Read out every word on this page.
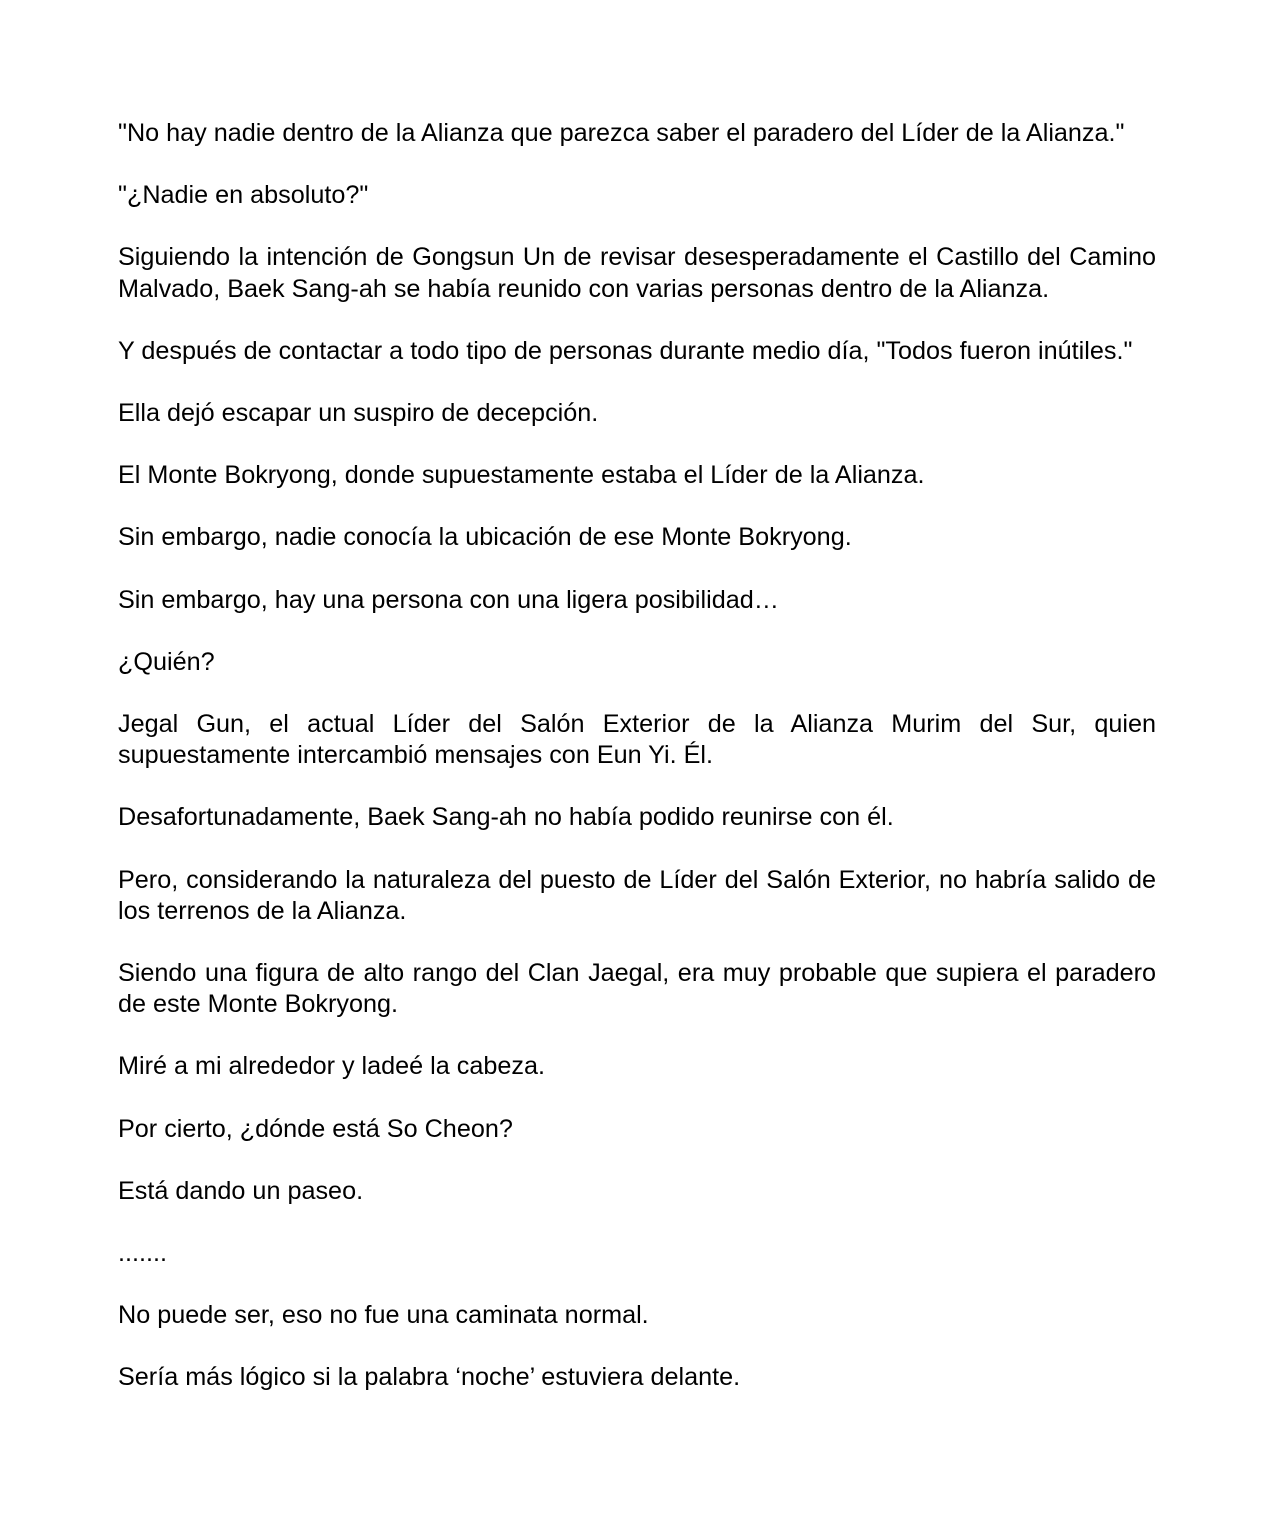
"No hay nadie dentro de la Alianza que parezca saber el paradero del Líder de la Alianza."

"¿Nadie en absoluto?"

Siguiendo la intención de Gongsun Un de revisar desesperadamente el Castillo del Camino Malvado, Baek Sang-ah se había reunido con varias personas dentro de la Alianza.

Y después de contactar a todo tipo de personas durante medio día, "Todos fueron inútiles."

Ella dejó escapar un suspiro de decepción.

El Monte Bokryong, donde supuestamente estaba el Líder de la Alianza.

Sin embargo, nadie conocía la ubicación de ese Monte Bokryong.

Sin embargo, hay una persona con una ligera posibilidad…

¿Quién?

Jegal Gun, el actual Líder del Salón Exterior de la Alianza Murim del Sur, quien supuestamente intercambió mensajes con Eun Yi. Él.

Desafortunadamente, Baek Sang-ah no había podido reunirse con él.

Pero, considerando la naturaleza del puesto de Líder del Salón Exterior, no habría salido de los terrenos de la Alianza.

Siendo una figura de alto rango del Clan Jaegal, era muy probable que supiera el paradero de este Monte Bokryong.

Miré a mi alrededor y ladeé la cabeza.

Por cierto, ¿dónde está So Cheon?

Está dando un paseo.

.......

No puede ser, eso no fue una caminata normal.

Sería más lógico si la palabra ‘noche’ estuviera delante.
